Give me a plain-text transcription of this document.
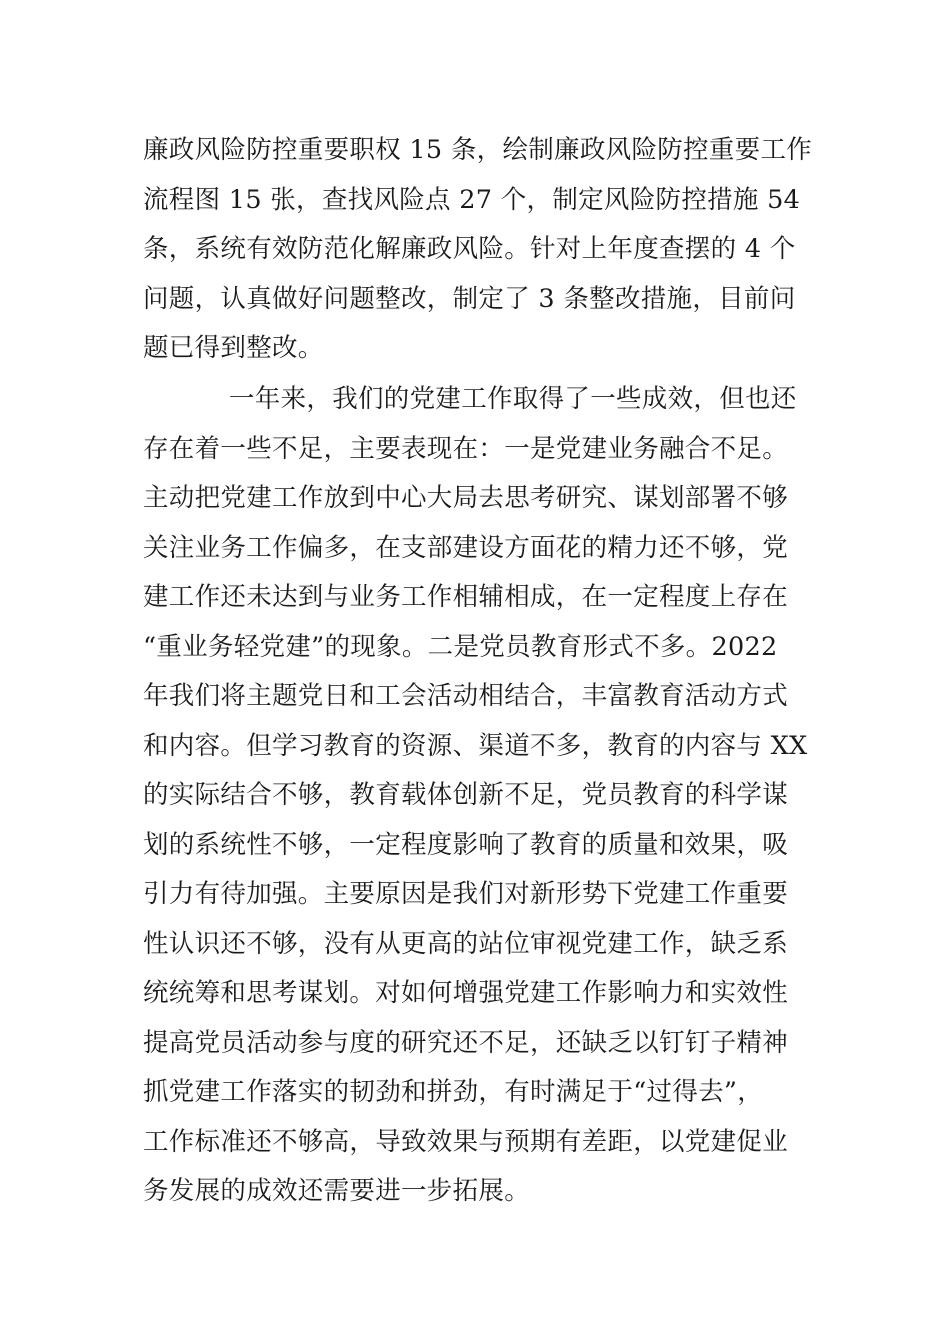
廉政风险防控重要职权 15 条，绘制廉政风险防控重要工作
流程图 15 张，查找风险点 27 个，制定风险防控措施 54
条，系统有效防范化解廉政风险。针对上年度查摆的 4 个
问题，认真做好问题整改，制定了 3 条整改措施，目前问
题已得到整改。
一年来，我们的党建工作取得了一些成效，但也还
存在着一些不足，主要表现在：一是党建业务融合不足。
主动把党建工作放到中心大局去思考研究、谋划部署不够
关注业务工作偏多，在支部建设方面花的精力还不够，党
建工作还未达到与业务工作相辅相成，在一定程度上存在
“重业务轻党建”的现象。二是党员教育形式不多。2022
年我们将主题党日和工会活动相结合，丰富教育活动方式
和内容。但学习教育的资源、渠道不多，教育的内容与 XX
的实际结合不够，教育载体创新不足，党员教育的科学谋
划的系统性不够，一定程度影响了教育的质量和效果，吸
引力有待加强。主要原因是我们对新形势下党建工作重要
性认识还不够，没有从更高的站位审视党建工作，缺乏系
统统筹和思考谋划。对如何增强党建工作影响力和实效性
提高党员活动参与度的研究还不足，还缺乏以钉钉子精神
抓党建工作落实的韧劲和拼劲，有时满足于“过得去”，
工作标准还不够高，导致效果与预期有差距，以党建促业
务发展的成效还需要进一步拓展。
